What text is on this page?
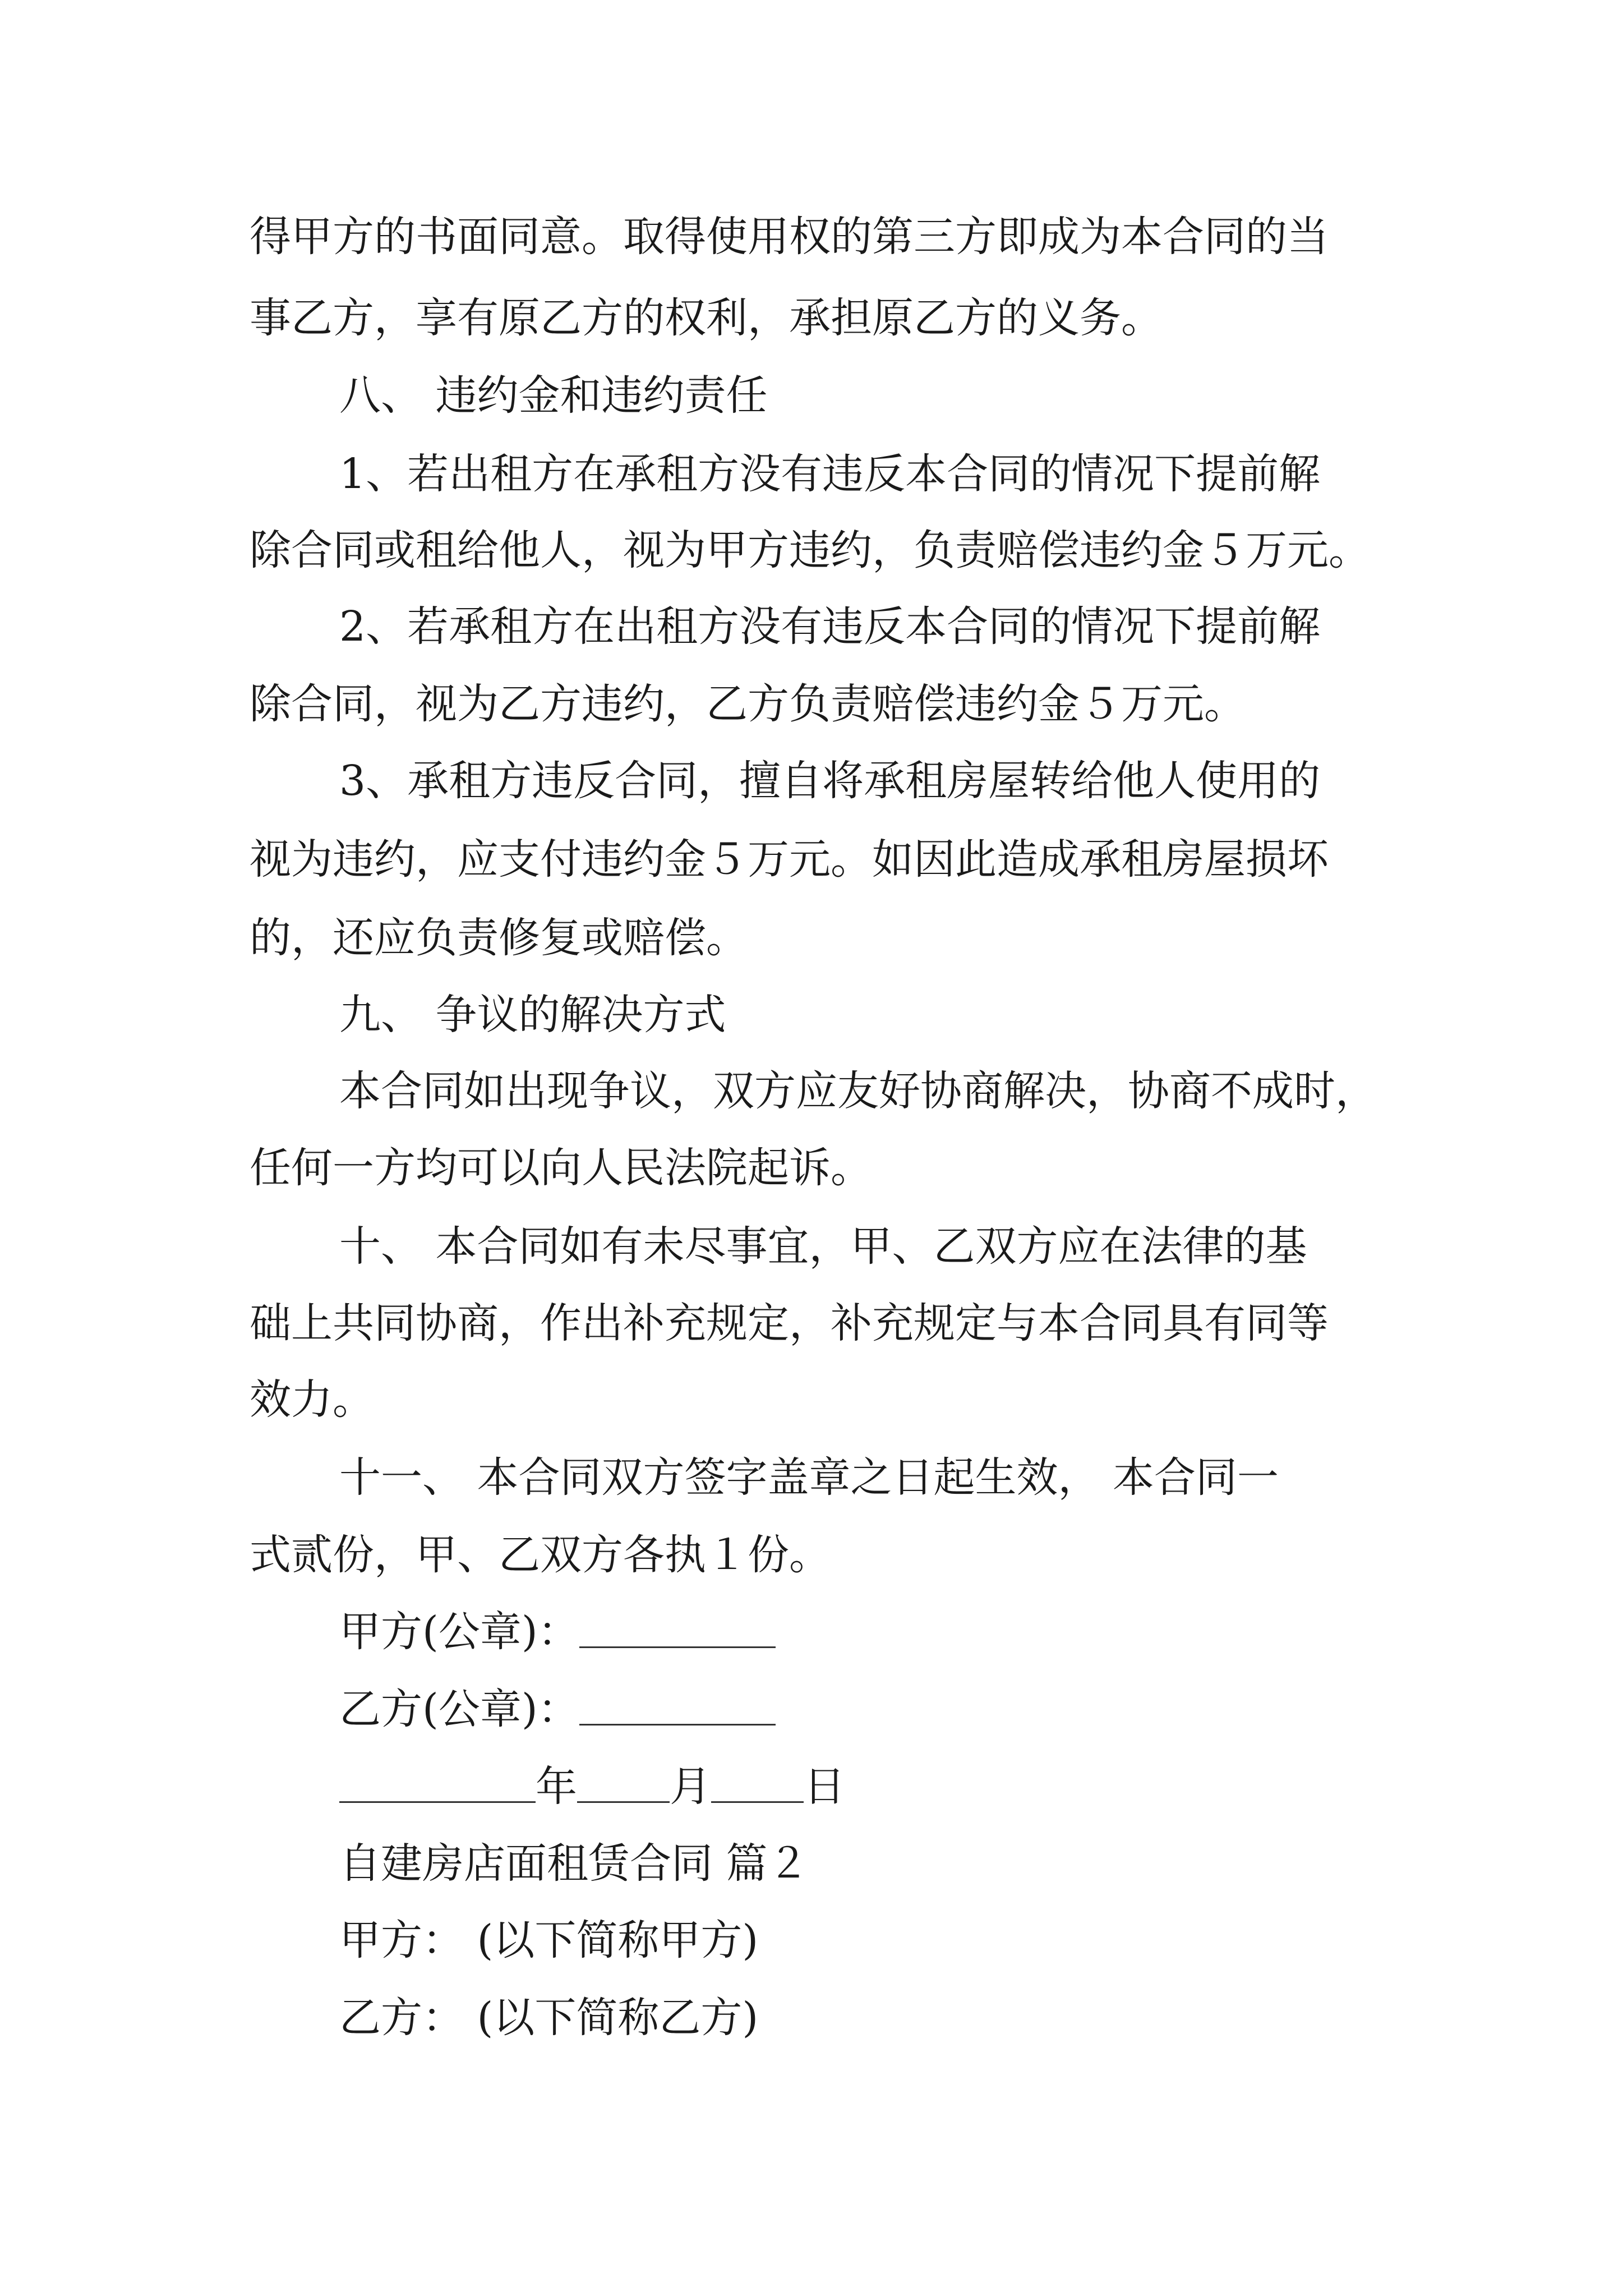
得甲方的书面同意。取得使用权的第三方即成为本合同的当
事乙方，享有原乙方的权利，承担原乙方的义务。
八、 违约金和违约责任
1、若出租方在承租方没有违反本合同的情况下提前解
除合同或租给他人，视为甲方违约，负责赔偿违约金５万元。
2、若承租方在出租方没有违反本合同的情况下提前解
除合同，视为乙方违约，乙方负责赔偿违约金５万元。
3、承租方违反合同，擅自将承租房屋转给他人使用的
视为违约，应支付违约金５万元。如因此造成承租房屋损坏
的，还应负责修复或赔偿。
九、 争议的解决方式
本合同如出现争议，双方应友好协商解决，协商不成时，
任何一方均可以向人民法院起诉。
十、 本合同如有未尽事宜，甲、乙双方应在法律的基
础上共同协商，作出补充规定，补充规定与本合同具有同等
效力。
十一、 本合同双方签字盖章之日起生效， 本合同一
式贰份，甲、乙双方各执１份。
甲方(公章)：
乙方(公章)：
年 月 日
自建房店面租赁合同 篇２
甲方： (以下简称甲方)
乙方： (以下简称乙方)
